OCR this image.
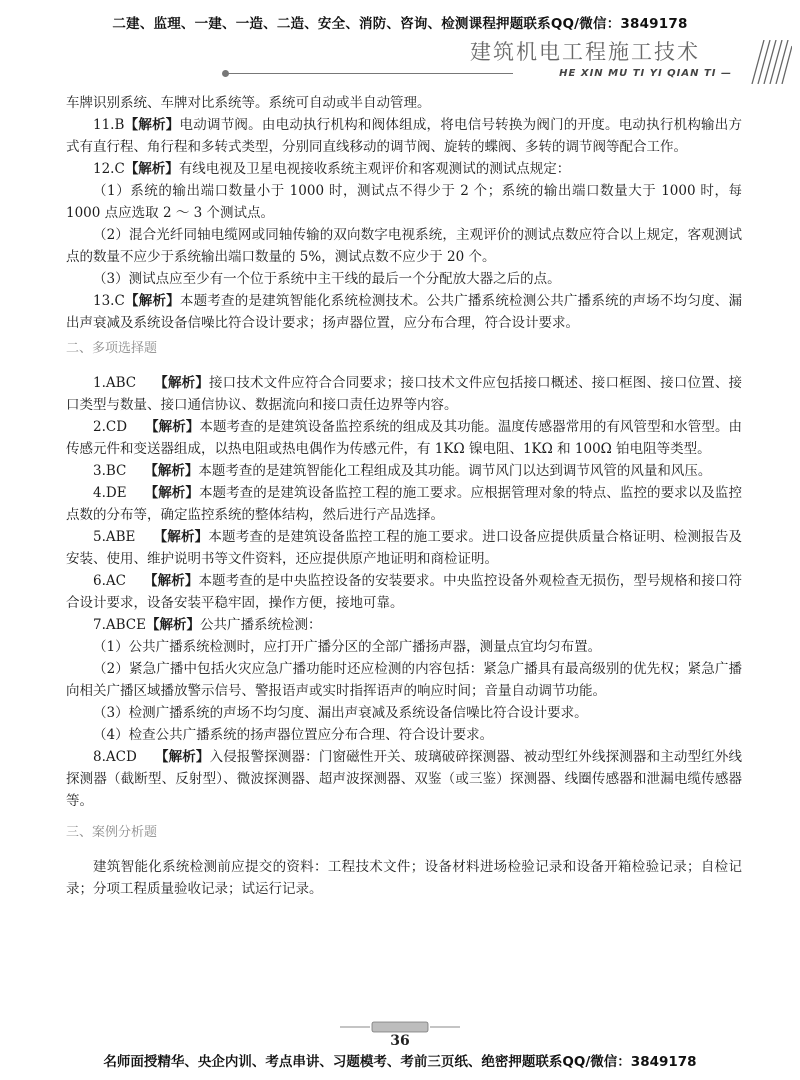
二建、监理、一建、一造、二造、安全、消防、咨询、检测课程押题联系QQ/微信：3849178
建筑机电工程施工技术
HE XIN MU TI YI QIAN TI —

车牌识别系统、车牌对比系统等。系统可自动或半自动管理。

11.B【解析】电动调节阀。由电动执行机构和阀体组成，将电信号转换为阀门的开度。电动执行机构输出方式有直行程、角行程和多转式类型，分别同直线移动的调节阀、旋转的蝶阀、多转的调节阀等配合工作。

12.C【解析】有线电视及卫星电视接收系统主观评价和客观测试的测试点规定：

（1）系统的输出端口数量小于 1000 时，测试点不得少于 2 个；系统的输出端口数量大于 1000 时，每 1000 点应选取 2 ～ 3 个测试点。

（2）混合光纤同轴电缆网或同轴传输的双向数字电视系统，主观评价的测试点数应符合以上规定，客观测试点的数量不应少于系统输出端口数量的 5%，测试点数不应少于 20 个。

（3）测试点应至少有一个位于系统中主干线的最后一个分配放大器之后的点。

13.C【解析】本题考查的是建筑智能化系统检测技术。公共广播系统检测公共广播系统的声场不均匀度、漏出声衰减及系统设备信噪比符合设计要求；扬声器位置，应分布合理，符合设计要求。

二、多项选择题

1.ABC 【解析】接口技术文件应符合合同要求；接口技术文件应包括接口概述、接口框图、接口位置、接口类型与数量、接口通信协议、数据流向和接口责任边界等内容。

2.CD 【解析】本题考查的是建筑设备监控系统的组成及其功能。温度传感器常用的有风管型和水管型。由传感元件和变送器组成，以热电阻或热电偶作为传感元件，有 1KΩ 镍电阻、1KΩ 和 100Ω 铂电阻等类型。

3.BC 【解析】本题考查的是建筑智能化工程组成及其功能。调节风门以达到调节风管的风量和风压。

4.DE 【解析】本题考查的是建筑设备监控工程的施工要求。应根据管理对象的特点、监控的要求以及监控点数的分布等，确定监控系统的整体结构，然后进行产品选择。

5.ABE 【解析】本题考查的是建筑设备监控工程的施工要求。进口设备应提供质量合格证明、检测报告及安装、使用、维护说明书等文件资料，还应提供原产地证明和商检证明。

6.AC 【解析】本题考查的是中央监控设备的安装要求。中央监控设备外观检查无损伤，型号规格和接口符合设计要求，设备安装平稳牢固，操作方便，接地可靠。

7.ABCE【解析】公共广播系统检测：

（1）公共广播系统检测时，应打开广播分区的全部广播扬声器，测量点宜均匀布置。

（2）紧急广播中包括火灾应急广播功能时还应检测的内容包括：紧急广播具有最高级别的优先权；紧急广播向相关广播区域播放警示信号、警报语声或实时指挥语声的响应时间；音量自动调节功能。

（3）检测广播系统的声场不均匀度、漏出声衰减及系统设备信噪比符合设计要求。

（4）检查公共广播系统的扬声器位置应分布合理、符合设计要求。

8.ACD 【解析】入侵报警探测器：门窗磁性开关、玻璃破碎探测器、被动型红外线探测器和主动型红外线探测器（截断型、反射型）、微波探测器、超声波探测器、双鉴（或三鉴）探测器、线圈传感器和泄漏电缆传感器等。

三、案例分析题

建筑智能化系统检测前应提交的资料：工程技术文件；设备材料进场检验记录和设备开箱检验记录；自检记录；分项工程质量验收记录；试运行记录。

36
名师面授精华、央企内训、考点串讲、习题模考、考前三页纸、绝密押题联系QQ/微信：3849178
